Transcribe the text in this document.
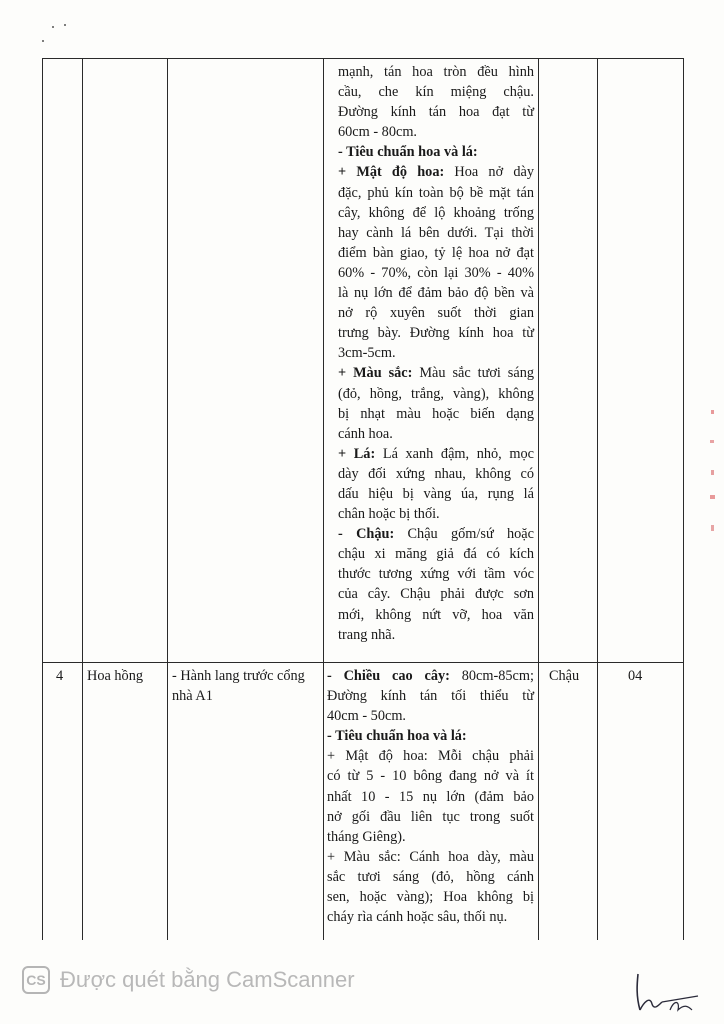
mạnh, tán hoa tròn đều hình
cầu, che kín miệng chậu.
Đường kính tán hoa đạt từ
60cm - 80cm.
- Tiêu chuẩn hoa và lá:
+ Mật độ hoa: Hoa nở dày
đặc, phủ kín toàn bộ bề mặt tán
cây, không để lộ khoảng trống
hay cành lá bên dưới. Tại thời
điểm bàn giao, tỷ lệ hoa nở đạt
60% - 70%, còn lại 30% - 40%
là nụ lớn để đảm bảo độ bền và
nở rộ xuyên suốt thời gian
trưng bày. Đường kính hoa từ
3cm-5cm.
+ Màu sắc: Màu sắc tươi sáng
(đỏ, hồng, trắng, vàng), không
bị nhạt màu hoặc biến dạng
cánh hoa.
+ Lá: Lá xanh đậm, nhỏ, mọc
dày đối xứng nhau, không có
dấu hiệu bị vàng úa, rụng lá
chân hoặc bị thối.
- Chậu: Chậu gốm/sứ hoặc
chậu xi măng giả đá có kích
thước tương xứng với tầm vóc
của cây. Chậu phải được sơn
mới, không nứt vỡ, hoa văn
trang nhã.
4 Hoa hồng - Hành lang trước cổng
nhà A1
- Chiều cao cây: 80cm-85cm;
Đường kính tán tối thiểu từ
40cm - 50cm.
- Tiêu chuẩn hoa và lá:
+ Mật độ hoa: Mỗi chậu phải
có từ 5 - 10 bông đang nở và ít
nhất 10 - 15 nụ lớn (đảm bảo
nở gối đầu liên tục trong suốt
tháng Giêng).
+ Màu sắc: Cánh hoa dày, màu
sắc tươi sáng (đỏ, hồng cánh
sen, hoặc vàng); Hoa không bị
cháy rìa cánh hoặc sâu, thối nụ.
Chậu	04
CS Được quét bằng CamScanner
